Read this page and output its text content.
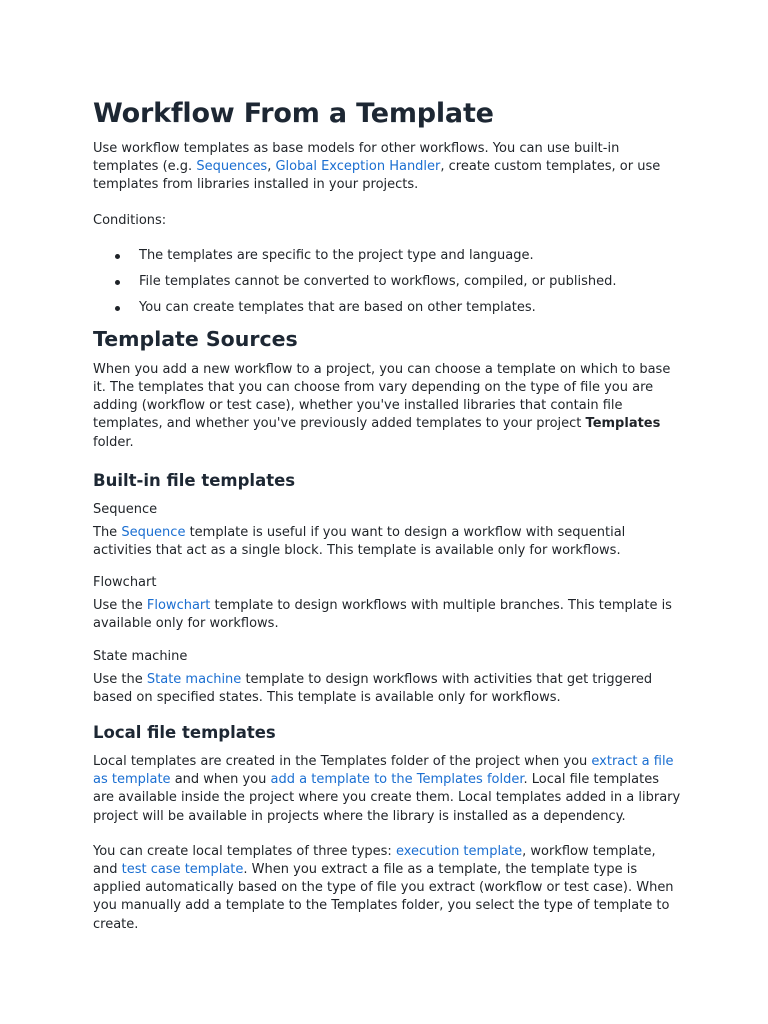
Workflow From a Template

Use workflow templates as base models for other workflows. You can use built-in templates (e.g. Sequences, Global Exception Handler, create custom templates, or use templates from libraries installed in your projects.

Conditions:

The templates are specific to the project type and language.
File templates cannot be converted to workflows, compiled, or published.
You can create templates that are based on other templates.
Template Sources

When you add a new workflow to a project, you can choose a template on which to base it. The templates that you can choose from vary depending on the type of file you are adding (workflow or test case), whether you've installed libraries that contain file templates, and whether you've previously added templates to your project Templates folder.

Built-in file templates
Sequence

The Sequence template is useful if you want to design a workflow with sequential activities that act as a single block. This template is available only for workflows.

Flowchart

Use the Flowchart template to design workflows with multiple branches. This template is available only for workflows.

State machine

Use the State machine template to design workflows with activities that get triggered based on specified states. This template is available only for workflows.

Local file templates

Local templates are created in the Templates folder of the project when you extract a file as template and when you add a template to the Templates folder. Local file templates are available inside the project where you create them. Local templates added in a library project will be available in projects where the library is installed as a dependency.

You can create local templates of three types: execution template, workflow template, and test case template. When you extract a file as a template, the template type is applied automatically based on the type of file you extract (workflow or test case). When you manually add a template to the Templates folder, you select the type of template to create.
